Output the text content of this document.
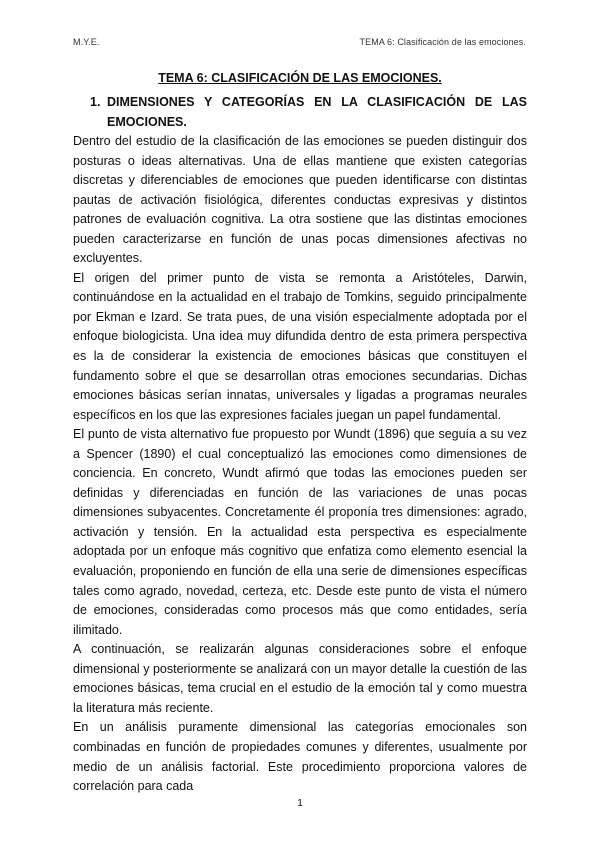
M.Y.E.	TEMA 6: Clasificación de las emociones.
TEMA 6: CLASIFICACIÓN DE LAS EMOCIONES.
1. DIMENSIONES Y CATEGORÍAS EN LA CLASIFICACIÓN DE LAS EMOCIONES.

Dentro del estudio de la clasificación de las emociones se pueden distinguir dos posturas o ideas alternativas. Una de ellas mantiene que existen categorías discretas y diferenciables de emociones que pueden identificarse con distintas pautas de activación fisiológica, diferentes conductas expresivas y distintos patrones de evaluación cognitiva. La otra sostiene que las distintas emociones pueden caracterizarse en función de unas pocas dimensiones afectivas no excluyentes.

El origen del primer punto de vista se remonta a Aristóteles, Darwin, continuándose en la actualidad en el trabajo de Tomkins, seguido principalmente por Ekman e Izard. Se trata pues, de una visión especialmente adoptada por el enfoque biologicista. Una idea muy difundida dentro de esta primera perspectiva es la de considerar la existencia de emociones básicas que constituyen el fundamento sobre el que se desarrollan otras emociones secundarias. Dichas emociones básicas serían innatas, universales y ligadas a programas neurales específicos en los que las expresiones faciales juegan un papel fundamental.

El punto de vista alternativo fue propuesto por Wundt (1896) que seguía a su vez a Spencer (1890) el cual conceptualizó las emociones como dimensiones de conciencia. En concreto, Wundt afirmó que todas las emociones pueden ser definidas y diferenciadas en función de las variaciones de unas pocas dimensiones subyacentes. Concretamente él proponía tres dimensiones: agrado, activación y tensión. En la actualidad esta perspectiva es especialmente adoptada por un enfoque más cognitivo que enfatiza como elemento esencial la evaluación, proponiendo en función de ella una serie de dimensiones específicas tales como agrado, novedad, certeza, etc. Desde este punto de vista el número de emociones, consideradas como procesos más que como entidades, sería ilimitado.

A continuación, se realizarán algunas consideraciones sobre el enfoque dimensional y posteriormente se analizará con un mayor detalle la cuestión de las emociones básicas, tema crucial en el estudio de la emoción tal y como muestra la literatura más reciente.

En un análisis puramente dimensional las categorías emocionales son combinadas en función de propiedades comunes y diferentes, usualmente por medio de un análisis factorial. Este procedimiento proporciona valores de correlación para cada

1
